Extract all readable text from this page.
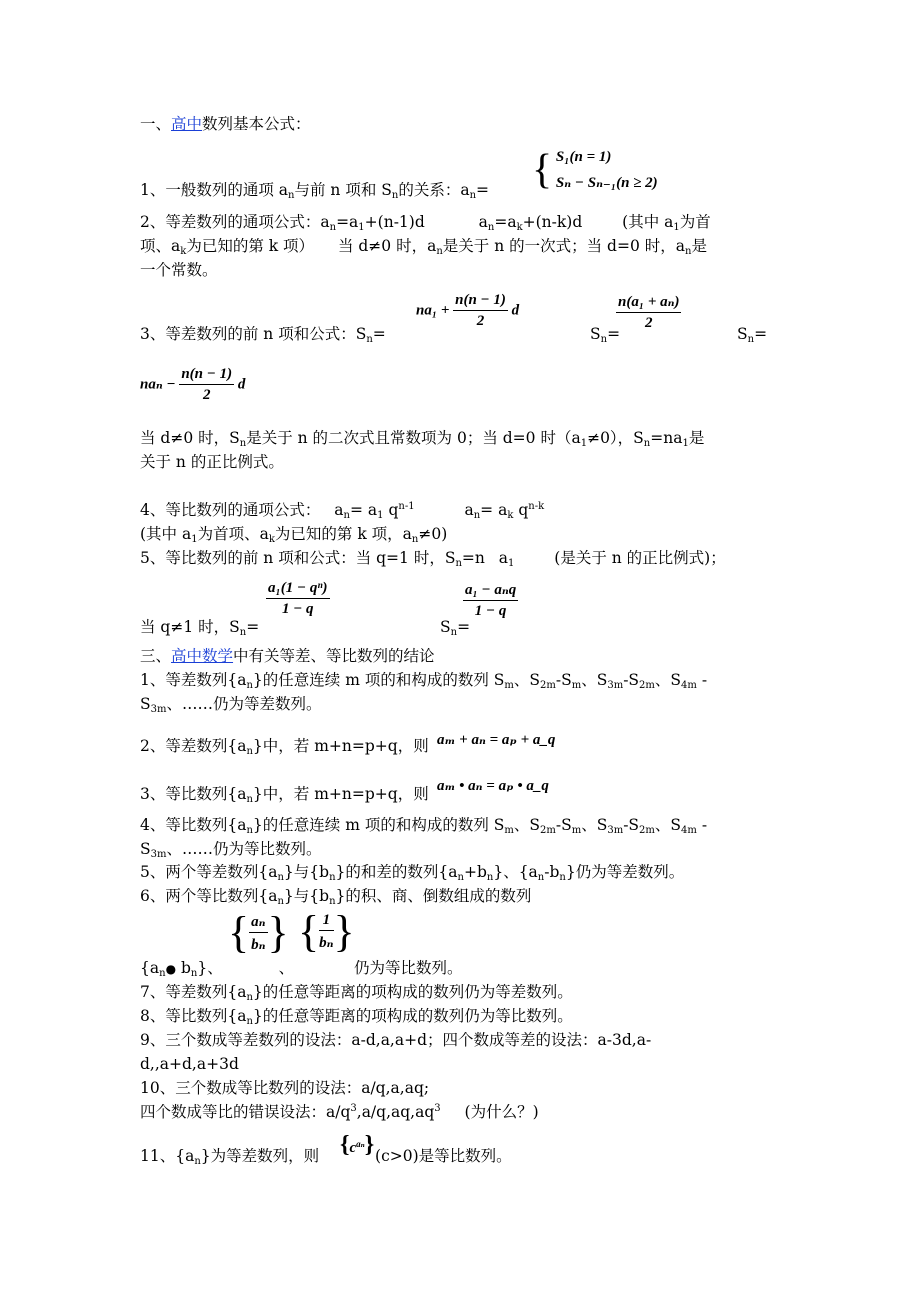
一、高中数列基本公式：
1、一般数列的通项 $a_n$与前 n 项和 $S_n$的关系：$a_n=$ { S₁(n = 1)
Sₙ − Sₙ₋₁(n ≥ 2)
2、等差数列的通项公式：$a_n=a_1+(n-1)d$	$a_n=a_k+(n-k)d$	(其中 $a_1$为首
项、$a_k$为已知的第 k 项） 当 d≠0 时，$a_n$是关于 n 的一次式；当 d=0 时，$a_n$是
一个常数。
3、等差数列的前 n 项和公式：$S_n=$
$na_1 + \frac{n(n - 1)}{2}$ d
$S_n=$
$\frac{\text{n(a₁ + aₙ)}}{2}$
$S_n=$
$na_n - \frac{n(n - 1)}{2}$ d
当 d≠0 时，$S_n$是关于 n 的二次式且常数项为 0；当 d=0 时$(a_1\ne 0)$，$S_n=na_1$是
关于 n 的正比例式。
4、等比数列的通项公式： $a_n= a_1$ $q^{n-1}$	$a_n= a_k$ $q^{n-k}$
(其中 $a_1$为首项、$a_k$为已知的第 k 项，$a_n\ne 0$)
5、等比数列的前 n 项和公式：当 q=1 时，$S_n=n$ $a_1$	(是关于 n 的正比例式)；
$\frac{\text{a₁(1 − qⁿ)}}{1 - q}$	$\frac{\text{a₁ − aₙq}}{1 - q}$
当 q≠1 时，$S_n=$	$S_n=$
三、高中数学中有关等差、等比数列的结论
1、等差数列$\{a_n\}$的任意连续 m 项的和构成的数列 $S_m$、$S_{2m}-S_m$、$S_{3m}-S_{2m}$、$S_{4m}$ -
$S_{3m}$、……仍为等差数列。
2、等差数列$\{a_n\}$中，若 m+n=p+q，则 aₘ + aₙ = aₚ + a_q
3、等比数列$\{a_n\}$中，若 m+n=p+q，则 aₘ • aₙ = aₚ • a_q
4、等比数列$\{a_n\}$的任意连续 m 项的和构成的数列 $S_m$、$S_{2m}-S_m$、$S_{3m}-S_{2m}$、$S_{4m}$ -
$S_{3m}$、……仍为等比数列。
5、两个等差数列$\{a_n\}$与$\{b_n\}$的和差的数列$\{a_n+b_n\}$、$\{a_n-b_n\}$仍为等差数列。
6、两个等比数列$\{a_n\}$与$\{b_n\}$的积、商、倒数组成的数列
{$a_n●$ $b_n$}、	、	仍为等比数列。
{ $\frac{\text{aₙ}}{\text{bₙ}}$ } { $\frac{1}{\text{bₙ}}$ }
7、等差数列$\{a_n\}$的任意等距离的项构成的数列仍为等差数列。
8、等比数列$\{a_n\}$的任意等距离的项构成的数列仍为等比数列。
9、三个数成等差数列的设法：a-d,a,a+d；四个数成等差的设法：a-3d,a-
d,,a+d,a+3d
10、三个数成等比数列的设法：a/q,a,aq;
四个数成等比的错误设法：$a/q^3,a/q,aq,aq^3$ (为什么？)
11、$\{a_n\}$为等差数列，则	(c>0)是等比数列。
$\{c^{a_n}\}$
